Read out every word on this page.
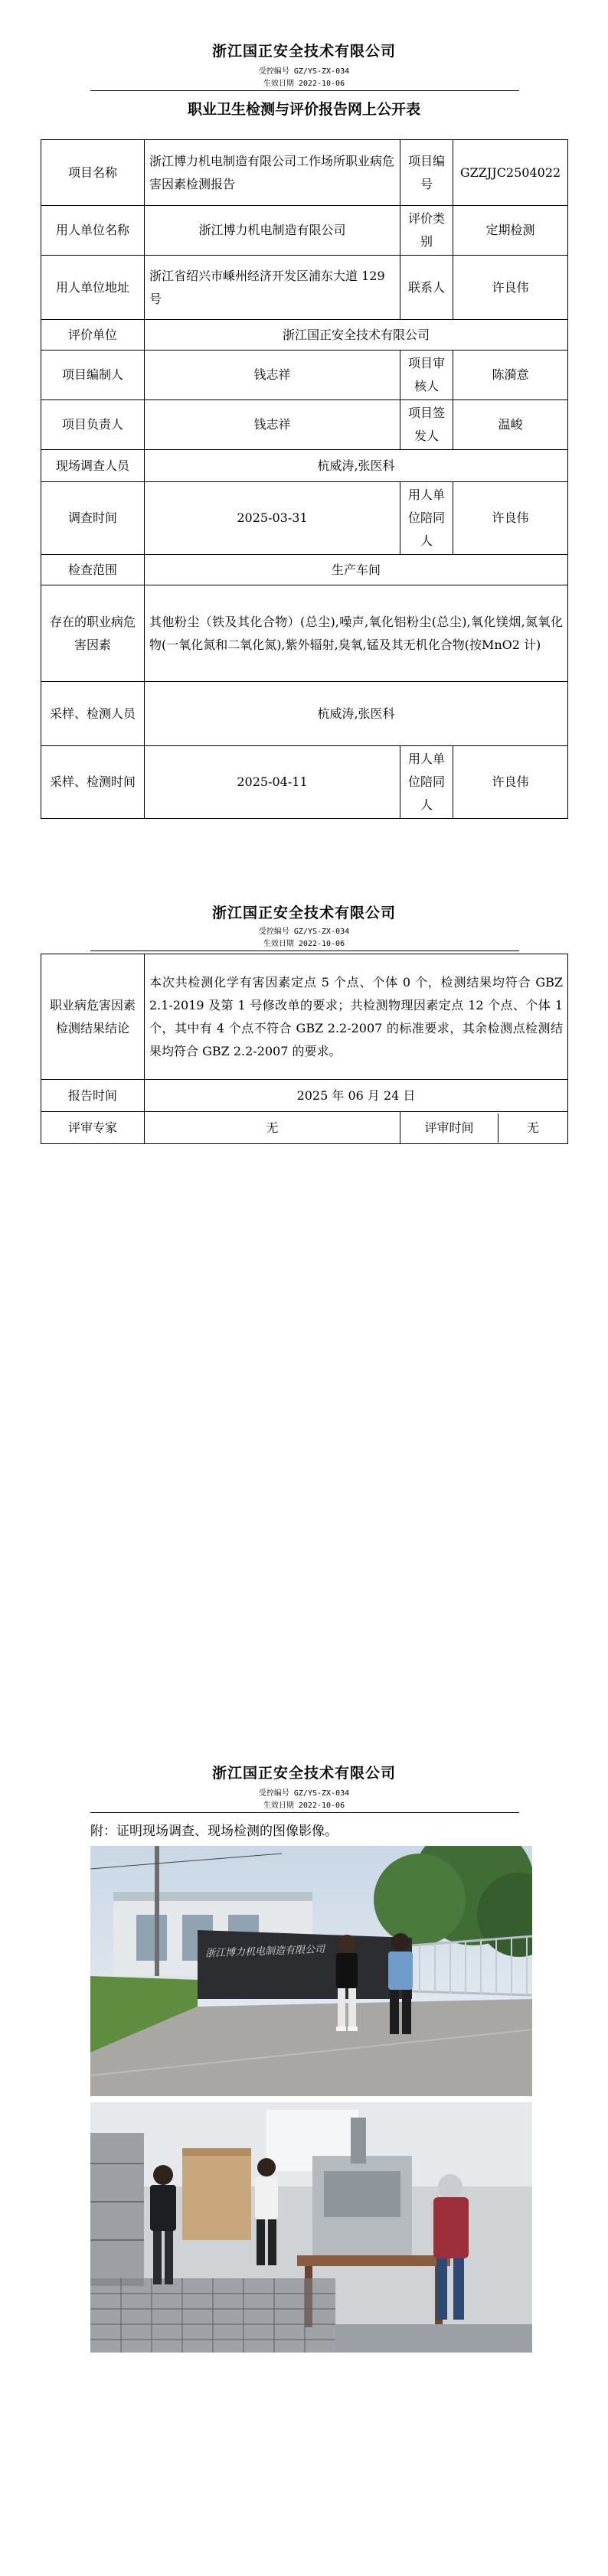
浙江国正安全技术有限公司
受控编号 GZ/YS-ZX-034
生效日期 2022-10-06
职业卫生检测与评价报告网上公开表
项目名称	浙江博力机电制造有限公司工作场所职业病危害因素检测报告	项目编号	GZZJJC2504022
用人单位名称	浙江博力机电制造有限公司	评价类别	定期检测
用人单位地址	浙江省绍兴市嵊州经济开发区浦东大道 129 号	联系人	许良伟
评价单位	浙江国正安全技术有限公司		
项目编制人	钱志祥	项目审核人	陈漪意
项目负责人	钱志祥	项目签发人	温峻
现场调查人员	杭威涛,张医科		
调查时间	2025-03-31	用人单位陪同人	许良伟
检查范围	生产车间		
存在的职业病危害因素	其他粉尘（铁及其化合物）(总尘),噪声,氧化铝粉尘(总尘),氧化镁烟,氮氧化物(一氧化氮和二氧化氮),紫外辐射,臭氧,锰及其无机化合物(按MnO2 计)		
采样、检测人员	杭威涛,张医科		
采样、检测时间	2025-04-11	用人单位陪同人	许良伟
浙江国正安全技术有限公司
受控编号 GZ/YS-ZX-034
生效日期 2022-10-06
职业病危害因素检测结果结论	本次共检测化学有害因素定点 5 个点、个体 0 个，检测结果均符合 GBZ 2.1-2019 及第 1 号修改单的要求；共检测物理因素定点 12 个点、个体 1 个，其中有 4 个点不符合 GBZ 2.2-2007 的标准要求，其余检测点检测结果均符合 GBZ 2.2-2007 的要求。	
报告时间	2025 年 06 月 24 日	
评审专家	无	评审时间 无
浙江国正安全技术有限公司
受控编号 GZ/YS-ZX-034
生效日期 2022-10-06
附：证明现场调查、现场检测的图像影像。
浙江博力机电制造有限公司
